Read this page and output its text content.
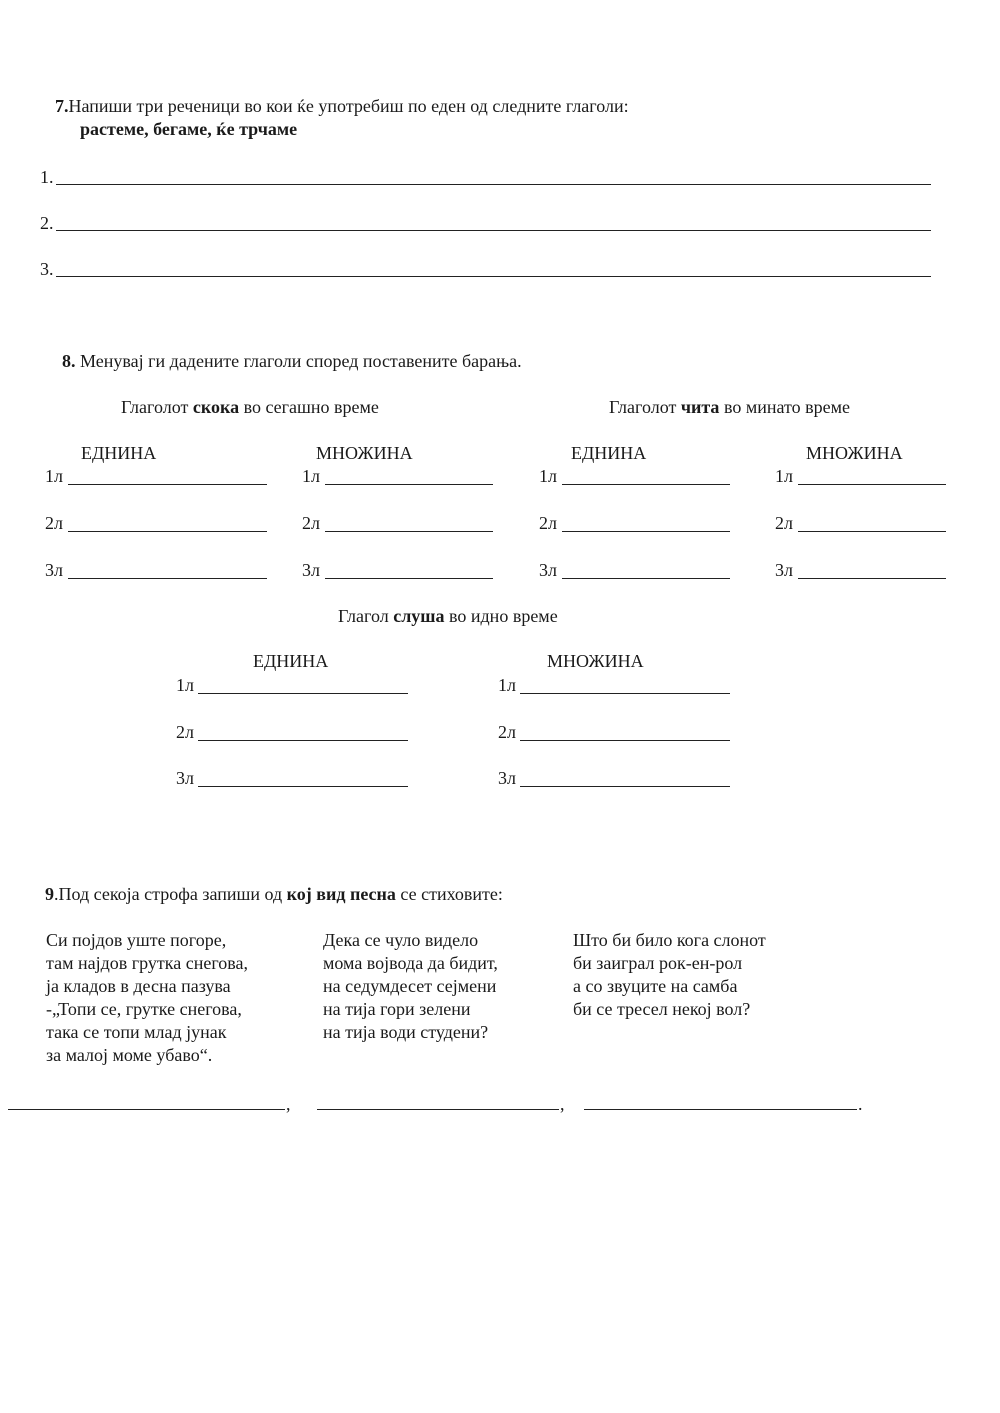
7.Напиши три реченици во кои ќе употребиш по еден од следните глаголи:
растеме, бегаме, ќе трчаме
1.
2.
3.
8. Менувај ги дадените глаголи според поставените барања.
Глаголот скока во сегашно време	Глаголот чита во минато време
ЕДНИНА	МНОЖИНА	ЕДНИНА	МНОЖИНА
1л	1л	1л	1л
2л	2л	2л	2л
3л	3л	3л	3л
Глагол слуша во идно време
ЕДНИНА	МНОЖИНА
1л	1л
2л	2л
3л	3л
9.Под секоја строфа запиши од кој вид песна се стиховите:
Си појдов уште погоре,
там најдов грутка снегова,
ја кладов в десна пазува
-„Топи се, грутке снегова,
така се топи млад јунак
за малој моме убаво“.
Дека се чуло видело
мома војвода да бидит,
на седумдесет сејмени
на тија гори зелени
на тија води студени?
Што би било кога слонот
би заиграл рок-ен-рол
а со звуците на самба
би се тресел некој вол?
,	,	.
